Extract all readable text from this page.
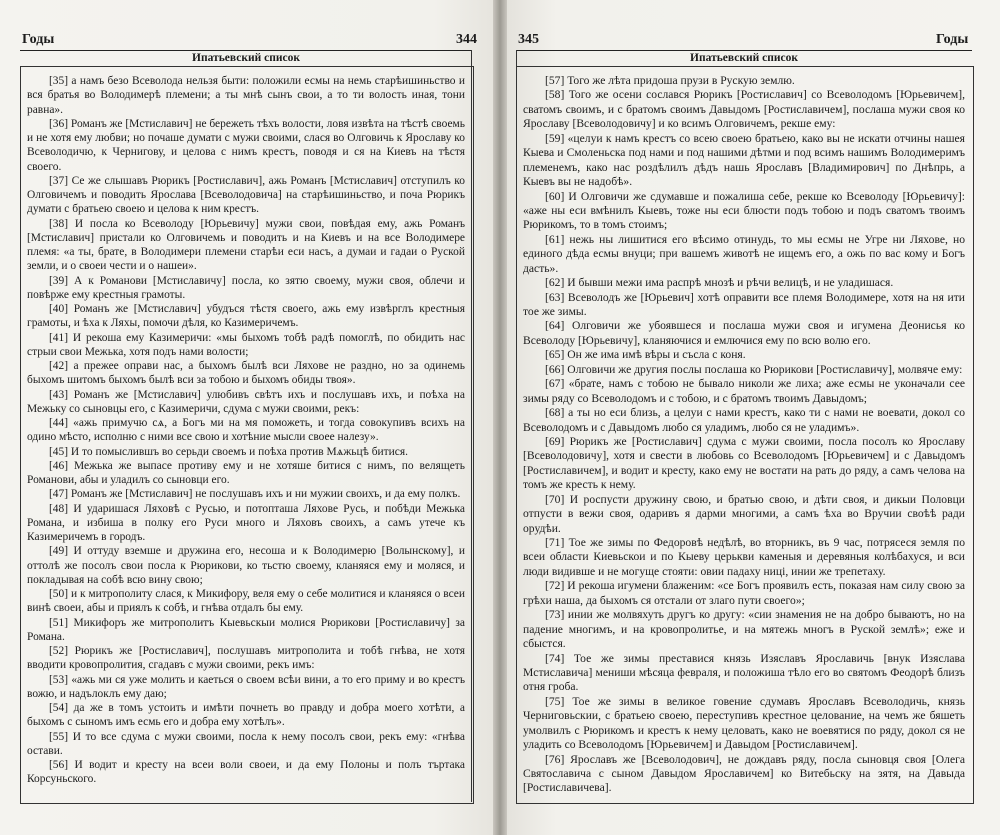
Годы	344
Ипатьевский список

[35] а намъ безо Всеволода нельзя быти: положили есмы на немь старѣишиньство и вся братья во Володимерѣ племени; а ты мнѣ сынъ свои, а то ти волость иная, тони равна».

[36] Романъ же [Мстиславич] не бережеть тѣхъ волости, ловя извѣта на тѣстѣ своемь и не хотя ему любви; но почаше думати с мужи своими, слася во Олговичь к Ярославу ко Всеволодичю, к Чернигову, и целова с нимъ крестъ, поводя и ся на Киевъ на тѣстя своего.

[37] Се же слышавъ Рюрикъ [Ростиславич], ажь Романъ [Мстиславич] отступилъ ко Олговичемъ и поводить Ярослава [Всеволодовича] на старѣишиньство, и поча Рюрикъ думати с братьею своею и целова к ним крестъ.

[38] И посла ко Всеволоду [Юрьевичу] мужи свои, повѣдая ему, ажь Романъ [Мстиславич] пристали ко Олговичемь и поводить и на Киевъ и на все Володимере племя: «а ты, брате, в Володимери племени старѣи еси насъ, а думаи и гадаи о Руской земли, и о своеи чести и о нашеи».

[39] А к Романови [Мстиславичу] посла, ко зятю своему, мужи своя, облечи и повѣрже ему крестныя грамоты.

[40] Романъ же [Мстиславич] убудъся тѣстя своего, ажь ему извѣрглъ крестныя грамоты, и ѣха к Ляхы, помочи дѣля, ко Казимеричемъ.

[41] И рекоша ему Казимеричи: «мы быхомъ тобѣ радѣ помоглѣ, по обидить нас стрыи свои Межька, хотя подъ нами волости;

[42] а прежее оправи нас, а быхомъ былѣ вси Ляхове не раздно, но за одинемь быхомъ шитомъ быхомъ былѣ вси за тобою и быхомъ обиды твоя».

[43] Романъ же [Мстиславич] улюбивъ свѣтъ ихъ и послушавъ ихъ, и поѣха на Межьку со сыновцы его, с Казимеричи, сдума с мужи своими, рекъ:

[44] «ажь примучю сѧ, а Богъ ми на мя поможеть, и тогда совокупивъ всихъ на одино мѣсто, исполню с ними все свою и хотѣние мысли своее налезу».

[45] И то помыслившъ во серьди своемъ и поѣха против Мѧжьцѣ битися.

[46] Межька же выпасе противу ему и не хотяше битися с нимъ, по велящеть Романови, абы и уладилъ со сыновци его.

[47] Романъ же [Мстиславич] не послушавъ ихъ и ни мужии своихъ, и да ему полкъ.

[48] И ударишася Ляховѣ с Русью, и потопташа Ляхове Русь, и побѣди Межька Романа, и избиша в полку его Руси много и Ляховъ своихъ, а самъ утече къ Казимеричемъ в городъ.

[49] И оттуду вземше и дружина его, несоша и к Володимерю [Волынскому], и оттолѣ же посолъ свои посла к Рюрикови, ко тьстю своему, кланяяся ему и моляся, и покладывая на собѣ всю вину свою;

[50] и к митрополиту слася, к Микифору, веля ему о себе молитися и кланяяся о всеи винѣ своеи, абы и приялъ к собѣ, и гнѣва отдалъ бы ему.

[51] Микифоръ же митрополитъ Кыевьскыи молися Рюрикови [Ростиславичу] за Романа.

[52] Рюрикъ же [Ростиславич], послушавъ митрополита и тобѣ гнѣва, не хотя вводити кровопролития, сгадавъ с мужи своими, рекъ имъ:

[53] «ажь ми ся уже молить и каеться о своем всѣи вини, а то его приму и во крестъ вожю, и надълоклъ ему даю;

[54] да же в томъ устоить и имѣти почнеть во правду и добра моего хотѣти, а быхомъ с сыномъ имъ есмь его и добра ему хотѣлъ».

[55] И то все сдума с мужи своими, посла к нему посолъ свои, рекъ ему: «гнѣва остави.

[56] И водит и кресту на всеи воли своеи, и да ему Полоны и полъ търтака Корсуньского.

345	Годы
Ипатьевский список

[57] Того же лѣта придоша прузи в Рускую землю.

[58] Того же осени сослався Рюрикъ [Ростиславич] со Всеволодомъ [Юрьевичем], сватомъ своимъ, и с братомъ своимъ Давыдомъ [Ростиславичем], послаша мужи своя ко Ярославу [Всеволодовичу] и ко всимъ Олговичемъ, рекше ему:

[59] «целуи к намъ крестъ со всею своею братьею, како вы не искати отчины нашея Кыева и Смоленьска под нами и под нашими дѣтми и под всимъ нашимъ Володимеримъ племенемъ, како нас роздѣлилъ дѣдъ нашь Ярославъ [Владимирович] по Днѣпрь, а Кыевъ вы не надобѣ».

[60] И Олговичи же сдумавше и пожалиша себе, рекше ко Всеволоду [Юрьевичу]: «аже ны еси вмѣнилъ Кыевъ, тоже ны еси блюсти подъ тобою и подъ сватомъ твоимъ Рюрикомъ, то в томъ стоимъ;

[61] нежь ны лишитися его вѣсимо отинудь, то мы есмы не Угре ни Ляхове, но единого дѣда есмы внуци; при вашемъ животѣ не ищемъ его, а ожь по вас кому и Богъ дасть».

[62] И бывши межи има распрѣ мнозѣ и рѣчи велицѣ, и не уладишася.

[63] Всеволодъ же [Юрьевич] хотѣ оправити все племя Володимере, хотя на ня ити тое же зимы.

[64] Олговичи же убоявшеся и послаша мужи своя и игумена Деонисья ко Всеволоду [Юрьевичу], кланяючися и емлючися ему по всю волю его.

[65] Он же има имѣ вѣры и съсла с коня.

[66] Олговичи же другия послы послаша ко Рюрикови [Ростиславичу], молвяче ему:

[67] «брате, намъ с тобою не бывало николи же лиха; аже есмы не уконачали сее зимы ряду со Всеволодомъ и с тобою, и с братомъ твоимъ Давыдомъ;

[68] а ты но еси близь, а целуи с нами крестъ, како ти с нами не воевати, докол со Всеволодомъ и с Давыдомъ любо ся уладимъ, любо ся не уладимъ».

[69] Рюрикъ же [Ростиславич] сдума с мужи своими, посла посолъ ко Ярославу [Всеволодовичу], хотя и свести в любовь со Всеволодомъ [Юрьевичем] и с Давыдомъ [Ростиславичем], и водит и кресту, како ему не востати на рать до ряду, а самъ челова на томъ же кресть к нему.

[70] И роспусти дружину свою, и братью свою, и дѣти своя, и дикыи Половци отпусти в вежи своя, одаривъ я дарми многими, а самъ ѣха во Вручии своѣѣ ради орудѣи.

[71] Тое же зимы по Федоровѣ недѣлѣ, во вторникъ, въ 9 час, потрясеся земля по всеи области Киевьскои и по Кыеву церькви каменыя и деревяныя колѣбахуся, и вси люди видивше и не могуще стояти: овии падаху ниці, инии же трепетаху.

[72] И рекоша игумени блаженим: «се Богъ проявилъ есть, показая нам силу свою за грѣхи наша, да быхомъ ся отстали от злаго пути своего»;

[73] инии же молвяхуть другъ ко другу: «сии знамения не на добро бываютъ, но на падение многимъ, и на кровопролитье, и на мятежь многъ в Руской землѣ»; еже и сбыстся.

[74] Тое же зимы преставися князь Изяславъ Ярославичь [внук Изяслава Мстиславича] мениши мѣсяца февраля, и положиша тѣло его во святомъ Феодорѣ близъ отня гроба.

[75] Тое же зимы в великое говение сдумавъ Ярославъ Всеволодичь, князь Черниговьскии, с братьею своею, переступивъ крестное целование, на чемъ же бяшеть умолвилъ с Рюрикомъ и крестъ к нему целовать, како не воевятися по ряду, докол ся не уладить со Всеволодомъ [Юрьевичем] и Давыдом [Ростиславичем].

[76] Ярославъ же [Всеволодович], не дождавъ ряду, посла сыновця своя [Олега Святославича с сыном Давыдом Ярославичем] ко Витебьску на зятя, на Давыда [Ростиславичева].
